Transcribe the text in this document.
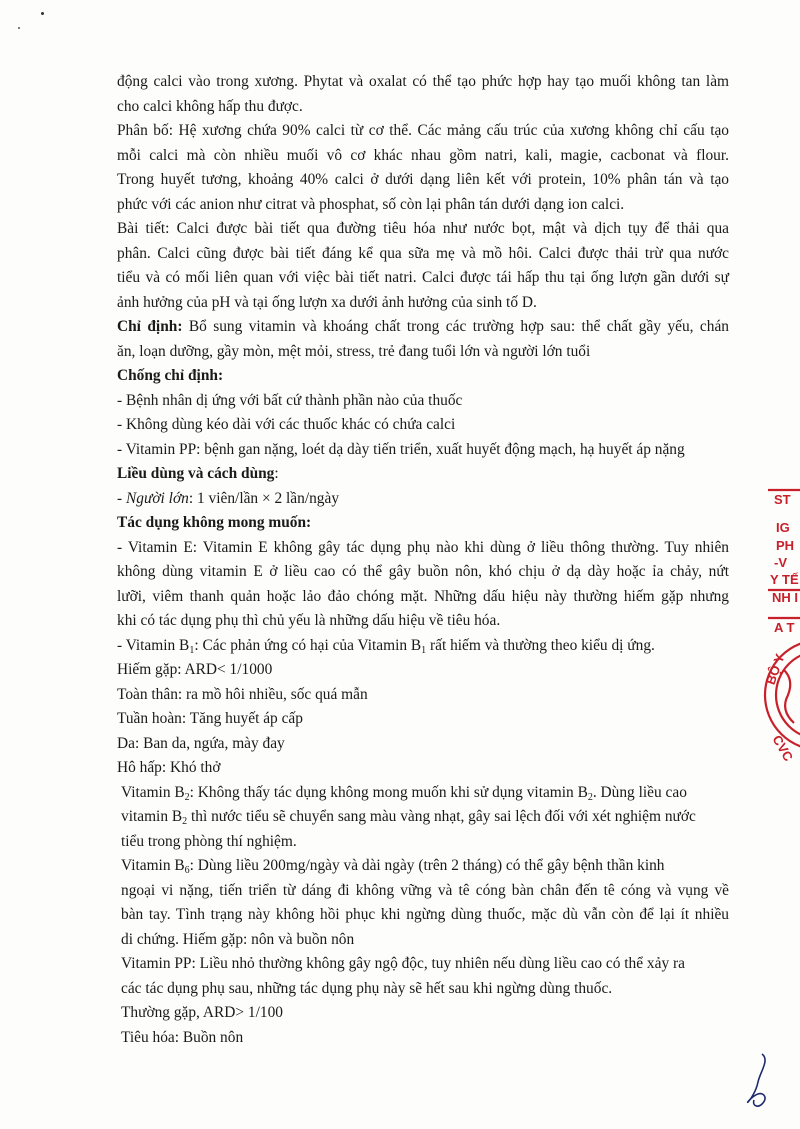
động calci vào trong xương. Phytat và oxalat có thể tạo phức hợp hay tạo muối không tan làm
cho calci không hấp thu được.
Phân bố: Hệ xương chứa 90% calci từ cơ thể. Các mảng cấu trúc của xương không chỉ cấu tạo
mỗi calci mà còn nhiều muối vô cơ khác nhau gồm natri, kali, magie, cacbonat và flour.
Trong huyết tương, khoảng 40% calci ở dưới dạng liên kết với protein, 10% phân tán và tạo
phức với các anion như citrat và phosphat, số còn lại phân tán dưới dạng ion calci.
Bài tiết: Calci được bài tiết qua đường tiêu hóa như nước bọt, mật và dịch tụy để thải qua
phân. Calci cũng được bài tiết đáng kể qua sữa mẹ và mồ hôi. Calci được thải trừ qua nước
tiểu và có mối liên quan với việc bài tiết natri. Calci được tái hấp thu tại ống lượn gần dưới sự
ảnh hưởng của pH và tại ống lượn xa dưới ảnh hưởng của sinh tố D.
Chỉ định: Bổ sung vitamin và khoáng chất trong các trường hợp sau: thể chất gầy yếu, chán
ăn, loạn dưỡng, gầy mòn, mệt mỏi, stress, trẻ đang tuổi lớn và người lớn tuổi
Chống chỉ định:
- Bệnh nhân dị ứng với bất cứ thành phần nào của thuốc
- Không dùng kéo dài với các thuốc khác có chứa calci
- Vitamin PP: bệnh gan nặng, loét dạ dày tiến triển, xuất huyết động mạch, hạ huyết áp nặng
Liều dùng và cách dùng:
- Người lớn: 1 viên/lần × 2 lần/ngày
Tác dụng không mong muốn:
- Vitamin E: Vitamin E không gây tác dụng phụ nào khi dùng ở liều thông thường. Tuy nhiên
không dùng vitamin E ở liều cao có thể gây buồn nôn, khó chịu ở dạ dày hoặc ỉa chảy, nứt
lưỡi, viêm thanh quản hoặc lảo đảo chóng mặt. Những dấu hiệu này thường hiếm gặp nhưng
khi có tác dụng phụ thì chủ yếu là những dấu hiệu về tiêu hóa.
- Vitamin $B_1$: Các phản ứng có hại của Vitamin $B_1$ rất hiếm và thường theo kiểu dị ứng.
Hiếm gặp: ARD< 1/1000
Toàn thân: ra mồ hôi nhiều, sốc quá mẫn
Tuần hoàn: Tăng huyết áp cấp
Da: Ban da, ngứa, mày đay
Hô hấp: Khó thở
Vitamin $B_2$: Không thấy tác dụng không mong muốn khi sử dụng vitamin $B_2$. Dùng liều cao
vitamin $B_2$ thì nước tiểu sẽ chuyển sang màu vàng nhạt, gây sai lệch đối với xét nghiệm nước
tiểu trong phòng thí nghiệm.
Vitamin $B_6$: Dùng liều 200mg/ngày và dài ngày (trên 2 tháng) có thể gây bệnh thần kinh
ngoại vi nặng, tiến triển từ dáng đi không vững và tê cóng bàn chân đến tê cóng và vụng về
bàn tay. Tình trạng này không hồi phục khi ngừng dùng thuốc, mặc dù vẫn còn để lại ít nhiều
di chứng. Hiếm gặp: nôn và buồn nôn
Vitamin PP: Liều nhỏ thường không gây ngộ độc, tuy nhiên nếu dùng liều cao có thể xảy ra
các tác dụng phụ sau, những tác dụng phụ này sẽ hết sau khi ngừng dùng thuốc.
Thường gặp, ARD> 1/100
Tiêu hóa: Buồn nôn
ST
IG
PH
-V
Y TẾ
NH I
A T
BỘ Y
CVC
